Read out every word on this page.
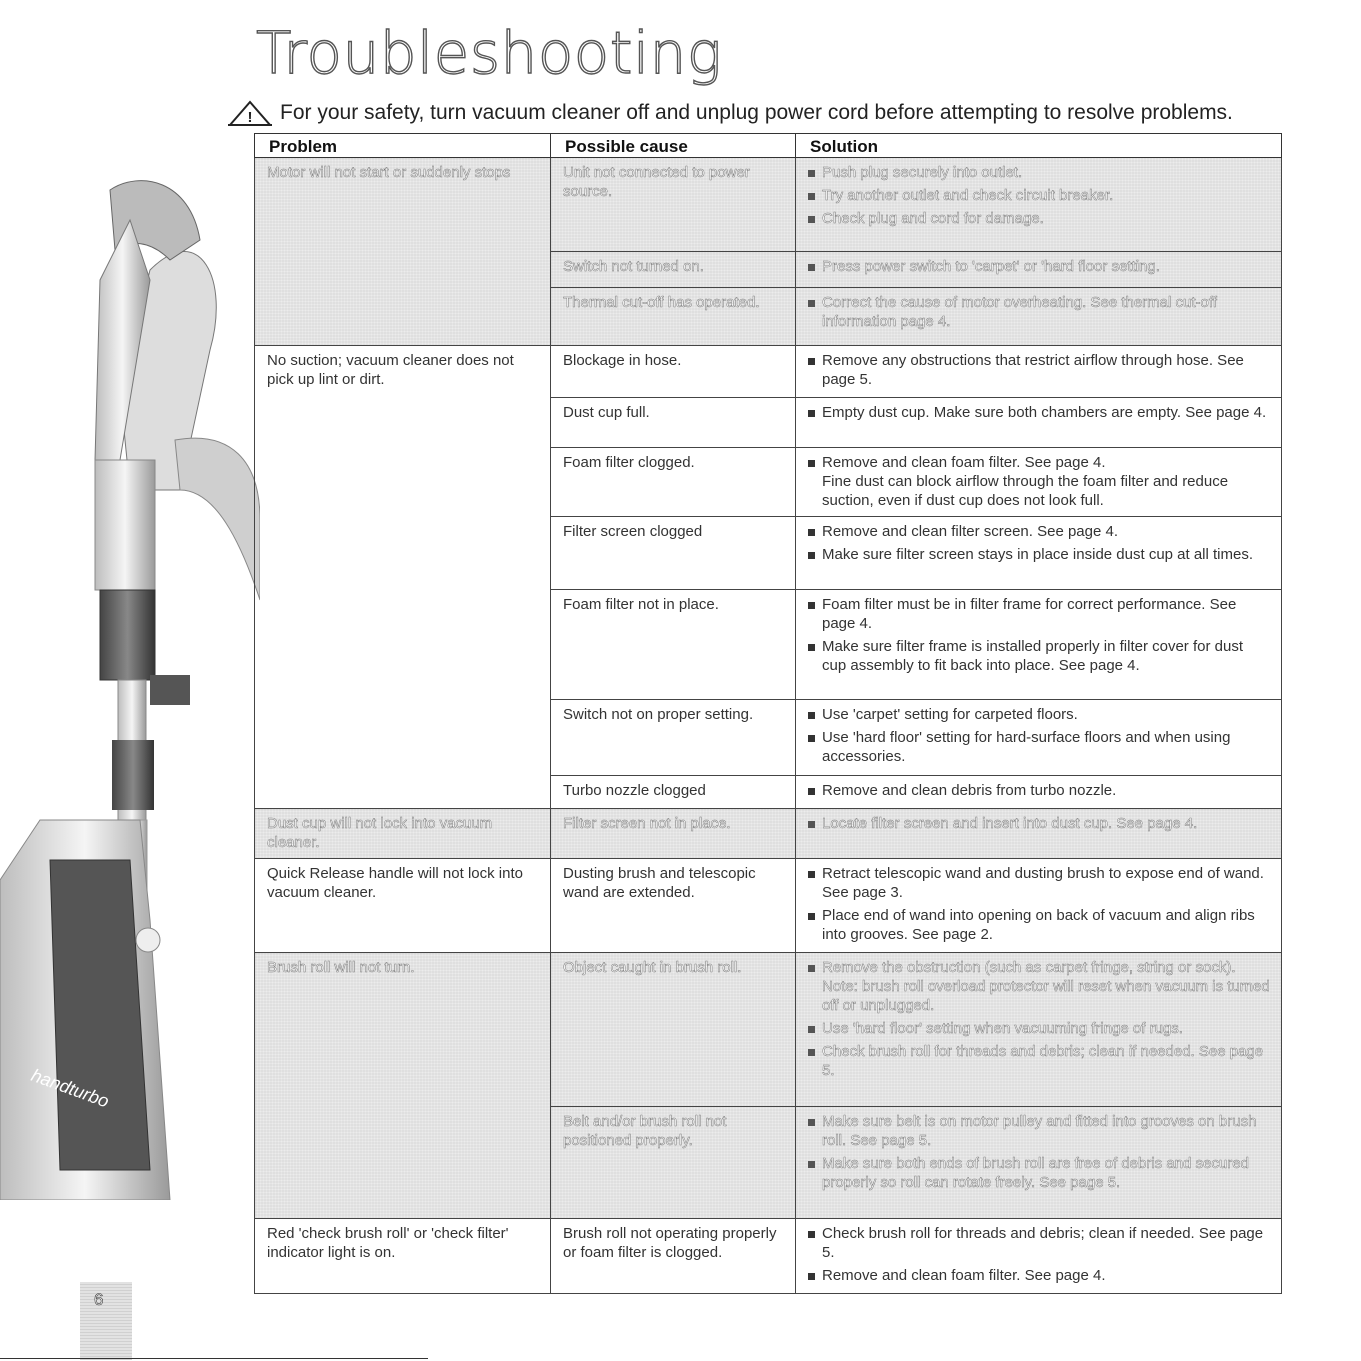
Troubleshooting
! For your safety, turn vacuum cleaner off and unplug power cord before attempting to resolve problems.
handturbo
Problem	Possible cause	Solution
Motor will not start or suddenly stops	Unit not connected to power source.	Push plug securely into outlet.
Try another outlet and check circuit breaker.
Check plug and cord for damage.

	Switch not turned on.	Press power switch to 'carpet' or 'hard floor setting.

	Thermal cut-off has operated.	Correct the cause of motor overheating. See thermal cut-off information page 4.

No suction; vacuum cleaner does not pick up lint or dirt.	Blockage in hose.	Remove any obstructions that restrict airflow through hose. See page 5.

	Dust cup full.	Empty dust cup. Make sure both chambers are empty. See page 4.

	Foam filter clogged.	Remove and clean foam filter. See page 4.
Fine dust can block airflow through the foam filter and reduce suction, even if dust cup does not look full.

	Filter screen clogged	Remove and clean filter screen. See page 4.
Make sure filter screen stays in place inside dust cup at all times.

	Foam filter not in place.	Foam filter must be in filter frame for correct performance. See page 4.
Make sure filter frame is installed properly in filter cover for dust cup assembly to fit back into place. See page 4.

	Switch not on proper setting.	Use 'carpet' setting for carpeted floors.
Use 'hard floor' setting for hard-surface floors and when using accessories.

	Turbo nozzle clogged	Remove and clean debris from turbo nozzle.

Dust cup will not lock into vacuum cleaner.	Filter screen not in place.	Locate filter screen and insert into dust cup. See page 4.

Quick Release handle will not lock into vacuum cleaner.	Dusting brush and telescopic wand are extended.	Retract telescopic wand and dusting brush to expose end of wand. See page 3.
Place end of wand into opening on back of vacuum and align ribs into grooves. See page 2.

Brush roll will not turn.	Object caught in brush roll.	Remove the obstruction (such as carpet fringe, string or sock). Note: brush roll overload protector will reset when vacuum is turned off or unplugged.
Use 'hard floor' setting when vacuuming fringe of rugs.
Check brush roll for threads and debris; clean if needed. See page 5.

	Belt and/or brush roll not positioned properly.	Make sure belt is on motor pulley and fitted into grooves on brush roll. See page 5.
Make sure both ends of brush roll are free of debris and secured properly so roll can rotate freely. See page 5.

Red 'check brush roll' or 'check filter' indicator light is on.	Brush roll not operating properly or foam filter is clogged.	Check brush roll for threads and debris; clean if needed. See page 5.
Remove and clean foam filter. See page 4.
6
